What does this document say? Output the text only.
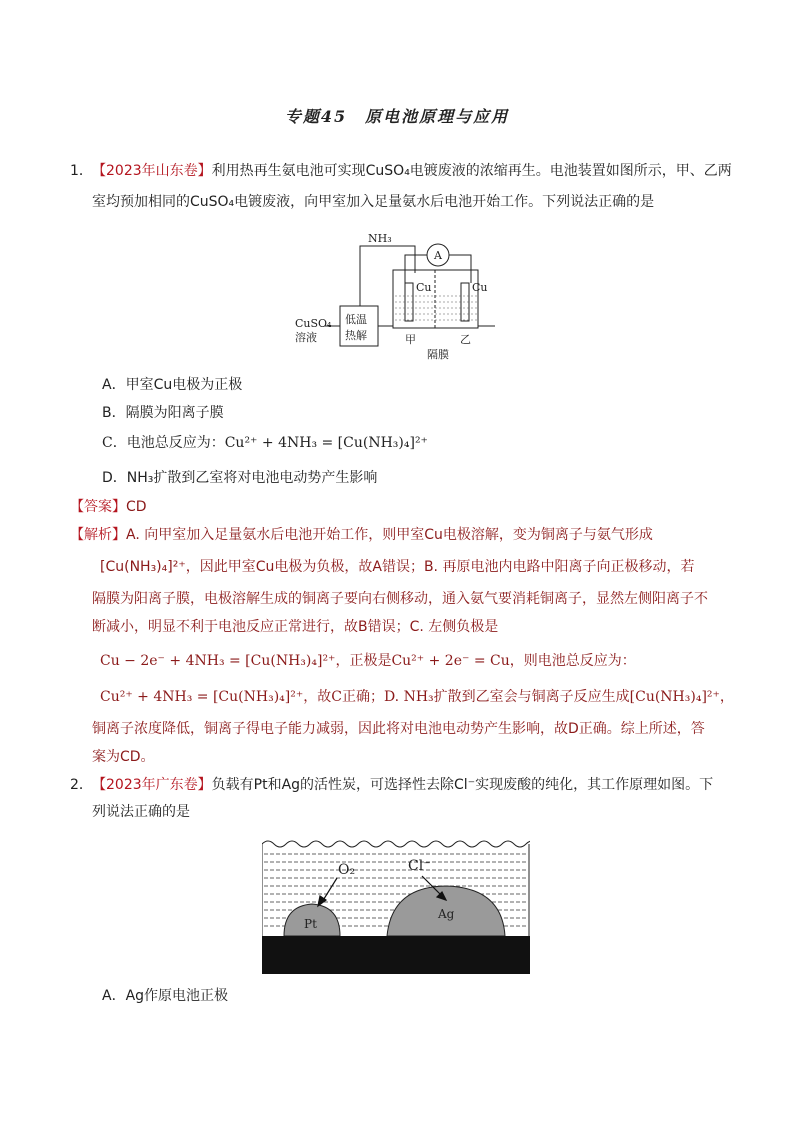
专题45　原电池原理与应用
1． 【2023年山东卷】利用热再生氨电池可实现CuSO₄电镀废液的浓缩再生。电池装置如图所示，甲、乙两
室均预加相同的CuSO₄电镀废液，向甲室加入足量氨水后电池开始工作。下列说法正确的是
NH₃
A
Cu	Cu
CuSO₄
溶液
低温
热解	甲	乙
隔膜
A．甲室Cu电极为正极
B．隔膜为阳离子膜
C．电池总反应为：Cu²⁺ + 4NH₃ = [Cu(NH₃)₄]²⁺
D．NH₃扩散到乙室将对电池电动势产生影响
【答案】CD
【解析】A. 向甲室加入足量氨水后电池开始工作，则甲室Cu电极溶解，变为铜离子与氨气形成
[Cu(NH₃)₄]²⁺，因此甲室Cu电极为负极，故A错误；B. 再原电池内电路中阳离子向正极移动，若
隔膜为阳离子膜，电极溶解生成的铜离子要向右侧移动，通入氨气要消耗铜离子，显然左侧阳离子不
断减小，明显不利于电池反应正常进行，故B错误；C. 左侧负极是
Cu − 2e⁻ + 4NH₃ = [Cu(NH₃)₄]²⁺，正极是Cu²⁺ + 2e⁻ = Cu，则电池总反应为：
Cu²⁺ + 4NH₃ = [Cu(NH₃)₄]²⁺，故C正确；D. NH₃扩散到乙室会与铜离子反应生成[Cu(NH₃)₄]²⁺，
铜离子浓度降低，铜离子得电子能力减弱，因此将对电池电动势产生影响，故D正确。综上所述，答
案为CD。
2． 【2023年广东卷】负载有Pt和Ag的活性炭，可选择性去除Cl⁻实现废酸的纯化，其工作原理如图。下
列说法正确的是
O₂	Cl⁻
Pt
Ag
A．Ag作原电池正极
